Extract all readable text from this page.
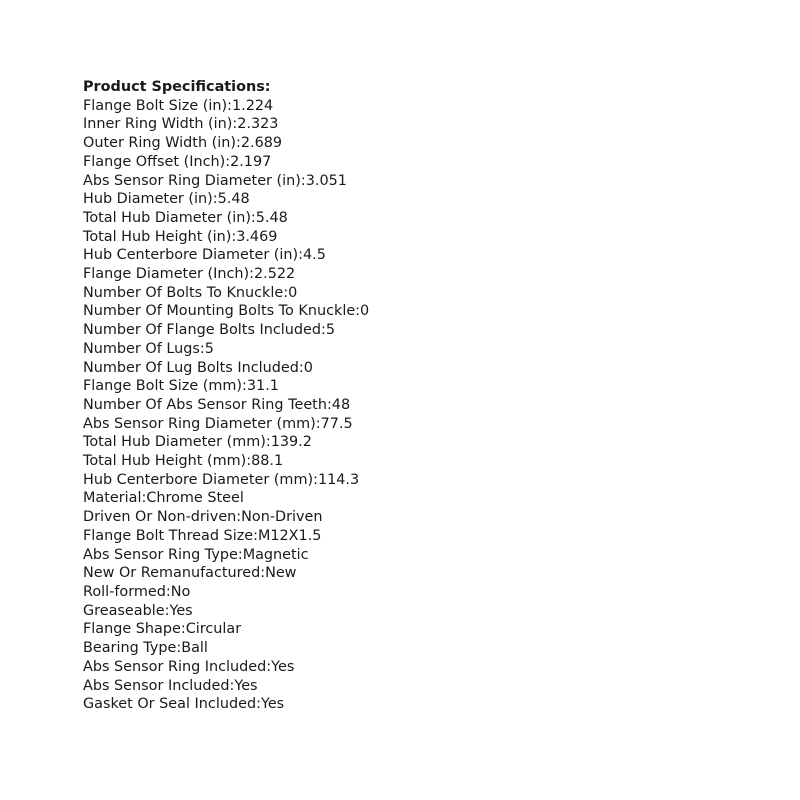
Product Specifications:
Flange Bolt Size (in):1.224
Inner Ring Width (in):2.323
Outer Ring Width (in):2.689
Flange Offset (Inch):2.197
Abs Sensor Ring Diameter (in):3.051
Hub Diameter (in):5.48
Total Hub Diameter (in):5.48
Total Hub Height (in):3.469
Hub Centerbore Diameter (in):4.5
Flange Diameter (Inch):2.522
Number Of Bolts To Knuckle:0
Number Of Mounting Bolts To Knuckle:0
Number Of Flange Bolts Included:5
Number Of Lugs:5
Number Of Lug Bolts Included:0
Flange Bolt Size (mm):31.1
Number Of Abs Sensor Ring Teeth:48
Abs Sensor Ring Diameter (mm):77.5
Total Hub Diameter (mm):139.2
Total Hub Height (mm):88.1
Hub Centerbore Diameter (mm):114.3
Material:Chrome Steel
Driven Or Non-driven:Non-Driven
Flange Bolt Thread Size:M12X1.5
Abs Sensor Ring Type:Magnetic
New Or Remanufactured:New
Roll-formed:No
Greaseable:Yes
Flange Shape:Circular
Bearing Type:Ball
Abs Sensor Ring Included:Yes
Abs Sensor Included:Yes
Gasket Or Seal Included:Yes
